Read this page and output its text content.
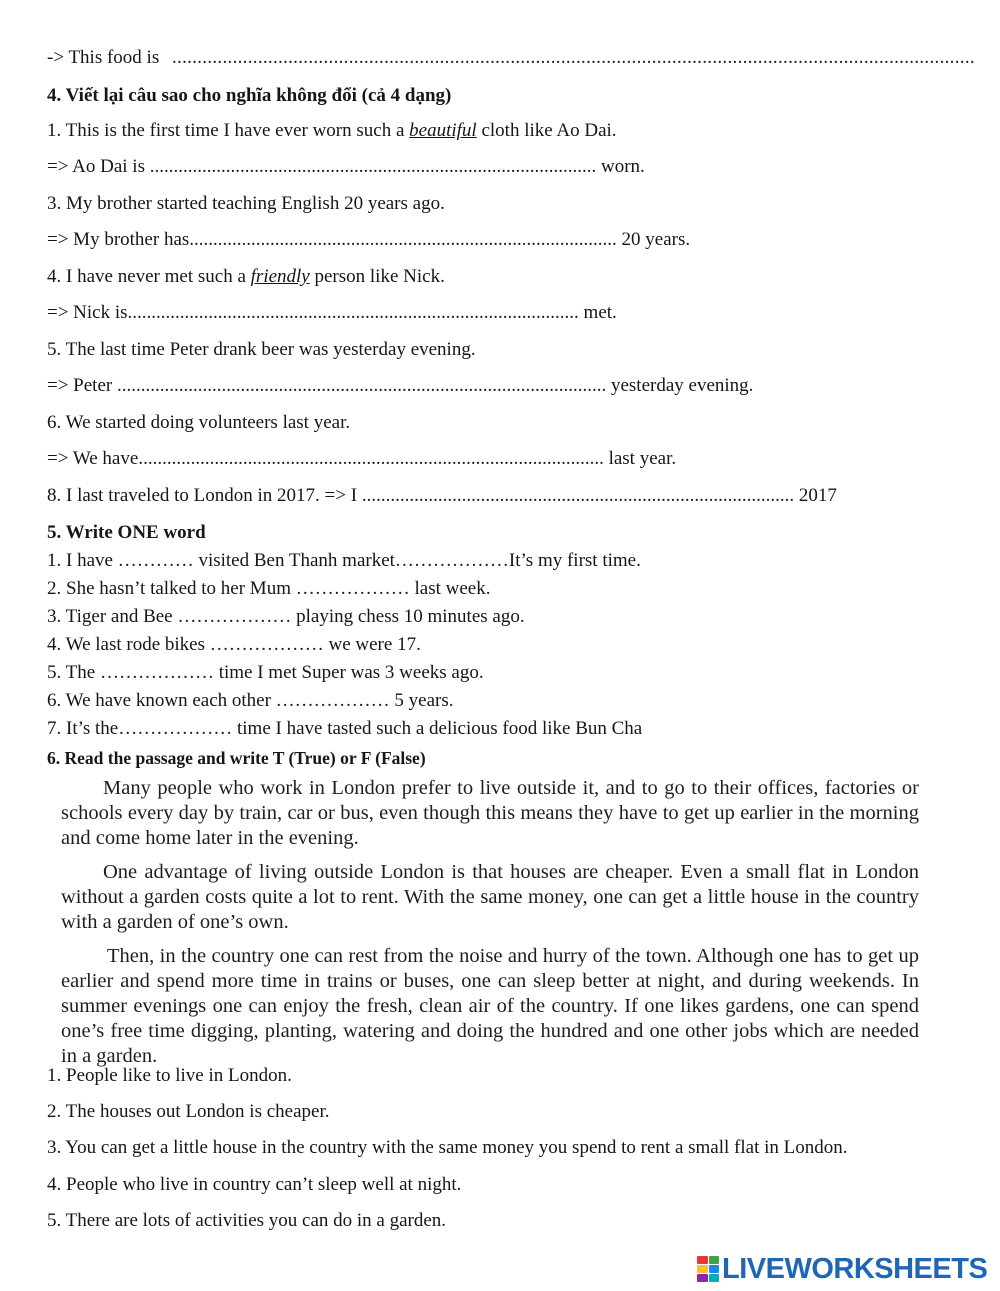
-> This food is ...............................................................................................................................................................
4. Viết lại câu sao cho nghĩa không đổi (cả 4 dạng)
1. This is the first time I have ever worn such a beautiful cloth like Ao Dai.
=> Ao Dai is .............................................................................................. worn.
3. My brother started teaching English 20 years ago.
=> My brother has.......................................................................................... 20 years.
4. I have never met such a friendly person like Nick.
=> Nick is............................................................................................... met.
5. The last time Peter drank beer was yesterday evening.
=> Peter ....................................................................................................... yesterday evening.
6. We started doing volunteers last year.
=> We have.................................................................................................. last year.
8. I last traveled to London in 2017. => I ........................................................................................... 2017
5. Write ONE word
1. I have ………… visited Ben Thanh market………………It’s my first time.
2. She hasn’t talked to her Mum ……………… last week.
3. Tiger and Bee ……………… playing chess 10 minutes ago.
4. We last rode bikes ……………… we were 17.
5. The ……………… time I met Super was 3 weeks ago.
6. We have known each other ……………… 5 years.
7. It’s the……………… time I have tasted such a delicious food like Bun Cha
6. Read the passage and write T (True) or F (False)

Many people who work in London prefer to live outside it, and to go to their offices, factories or schools every day by train, car or bus, even though this means they have to get up earlier in the morning and come home later in the evening.

One advantage of living outside London is that houses are cheaper. Even a small flat in London without a garden costs quite a lot to rent. With the same money, one can get a little house in the country with a garden of one’s own.

Then, in the country one can rest from the noise and hurry of the town. Although one has to get up earlier and spend more time in trains or buses, one can sleep better at night, and during weekends. In summer evenings one can enjoy the fresh, clean air of the country. If one likes gardens, one can spend one’s free time digging, planting, watering and doing the hundred and one other jobs which are needed in a garden.

1. People like to live in London.
2. The houses out London is cheaper.
3. You can get a little house in the country with the same money you spend to rent a small flat in London.
4. People who live in country can’t sleep well at night.
5. There are lots of activities you can do in a garden.
LIVEWORKSHEETS
